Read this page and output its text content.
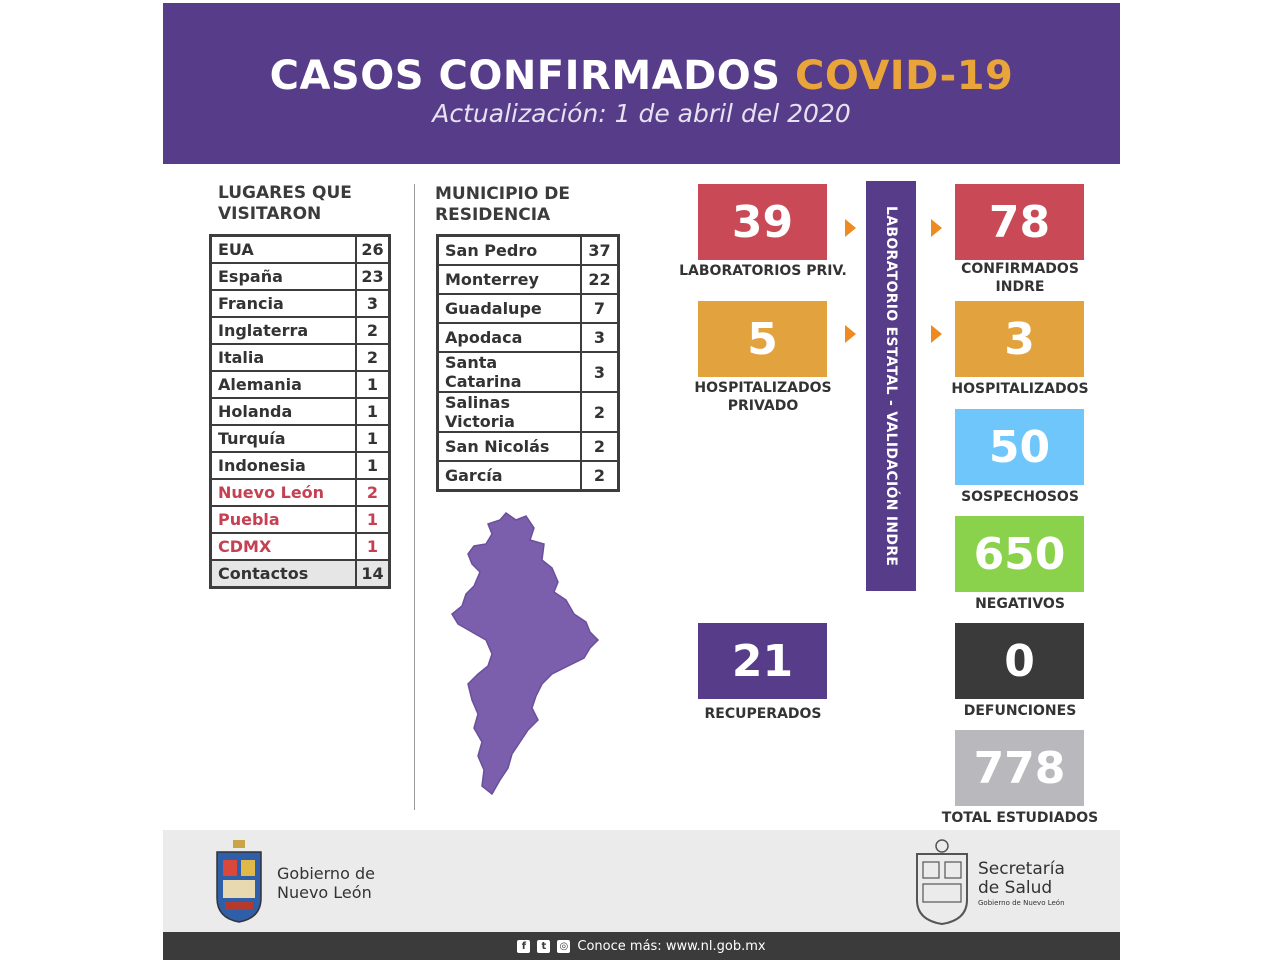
CASOS CONFIRMADOS COVID-19
Actualización: 1 de abril del 2020
LUGARES QUE
VISITARON
MUNICIPIO DE
RESIDENCIA
EUA	26
España	23
Francia	3
Inglaterra	2
Italia	2
Alemania	1
Holanda	1
Turquía	1
Indonesia	1
Nuevo León	2
Puebla	1
CDMX	1
Contactos	14
San Pedro	37
Monterrey	22
Guadalupe	7
Apodaca	3
Santa Catarina	3
Salinas Victoria	2
San Nicolás	2
García	2
39
LABORATORIOS PRIV.
5
HOSPITALIZADOS
PRIVADO
21
RECUPERADOS
LABORATORIO ESTATAL - VALIDACIÓN INDRE	78
CONFIRMADOS
INDRE
3
HOSPITALIZADOS
50
SOSPECHOSOS
650
NEGATIVOS
0
DEFUNCIONES
778
TOTAL ESTUDIADOS
Gobierno de
Nuevo León
Secretaría
de Salud
Gobierno de Nuevo León
f	t	◎ Conoce más: www.nl.gob.mx
